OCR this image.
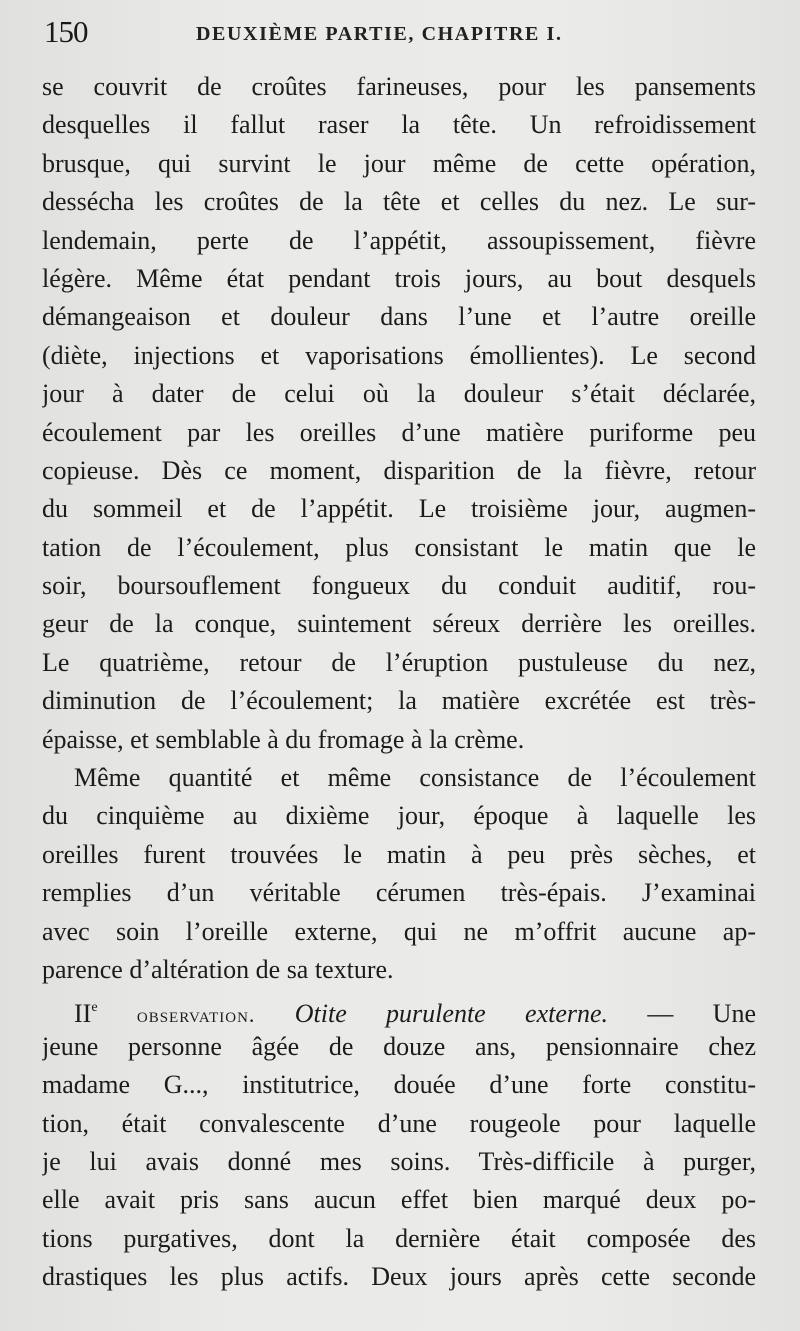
150	DEUXIÈME PARTIE, CHAPITRE I.
se couvrit de croûtes farineuses, pour les pansements
desquelles il fallut raser la tête. Un refroidissement
brusque, qui survint le jour même de cette opération,
dessécha les croûtes de la tête et celles du nez. Le sur-
lendemain, perte de l’appétit, assoupissement, fièvre
légère. Même état pendant trois jours, au bout desquels
démangeaison et douleur dans l’une et l’autre oreille
(diète, injections et vaporisations émollientes). Le second
jour à dater de celui où la douleur s’était déclarée,
écoulement par les oreilles d’une matière puriforme peu
copieuse. Dès ce moment, disparition de la fièvre, retour
du sommeil et de l’appétit. Le troisième jour, augmen-
tation de l’écoulement, plus consistant le matin que le
soir, boursouflement fongueux du conduit auditif, rou-
geur de la conque, suintement séreux derrière les oreilles.
Le quatrième, retour de l’éruption pustuleuse du nez,
diminution de l’écoulement; la matière excrétée est très-
épaisse, et semblable à du fromage à la crème.
Même quantité et même consistance de l’écoulement
du cinquième au dixième jour, époque à laquelle les
oreilles furent trouvées le matin à peu près sèches, et
remplies d’un véritable cérumen très-épais. J’examinai
avec soin l’oreille externe, qui ne m’offrit aucune ap-
parence d’altération de sa texture.
IIe observation. Otite purulente externe. — Une
jeune personne âgée de douze ans, pensionnaire chez
madame G..., institutrice, douée d’une forte constitu-
tion, était convalescente d’une rougeole pour laquelle
je lui avais donné mes soins. Très-difficile à purger,
elle avait pris sans aucun effet bien marqué deux po-
tions purgatives, dont la dernière était composée des
drastiques les plus actifs. Deux jours après cette seconde
